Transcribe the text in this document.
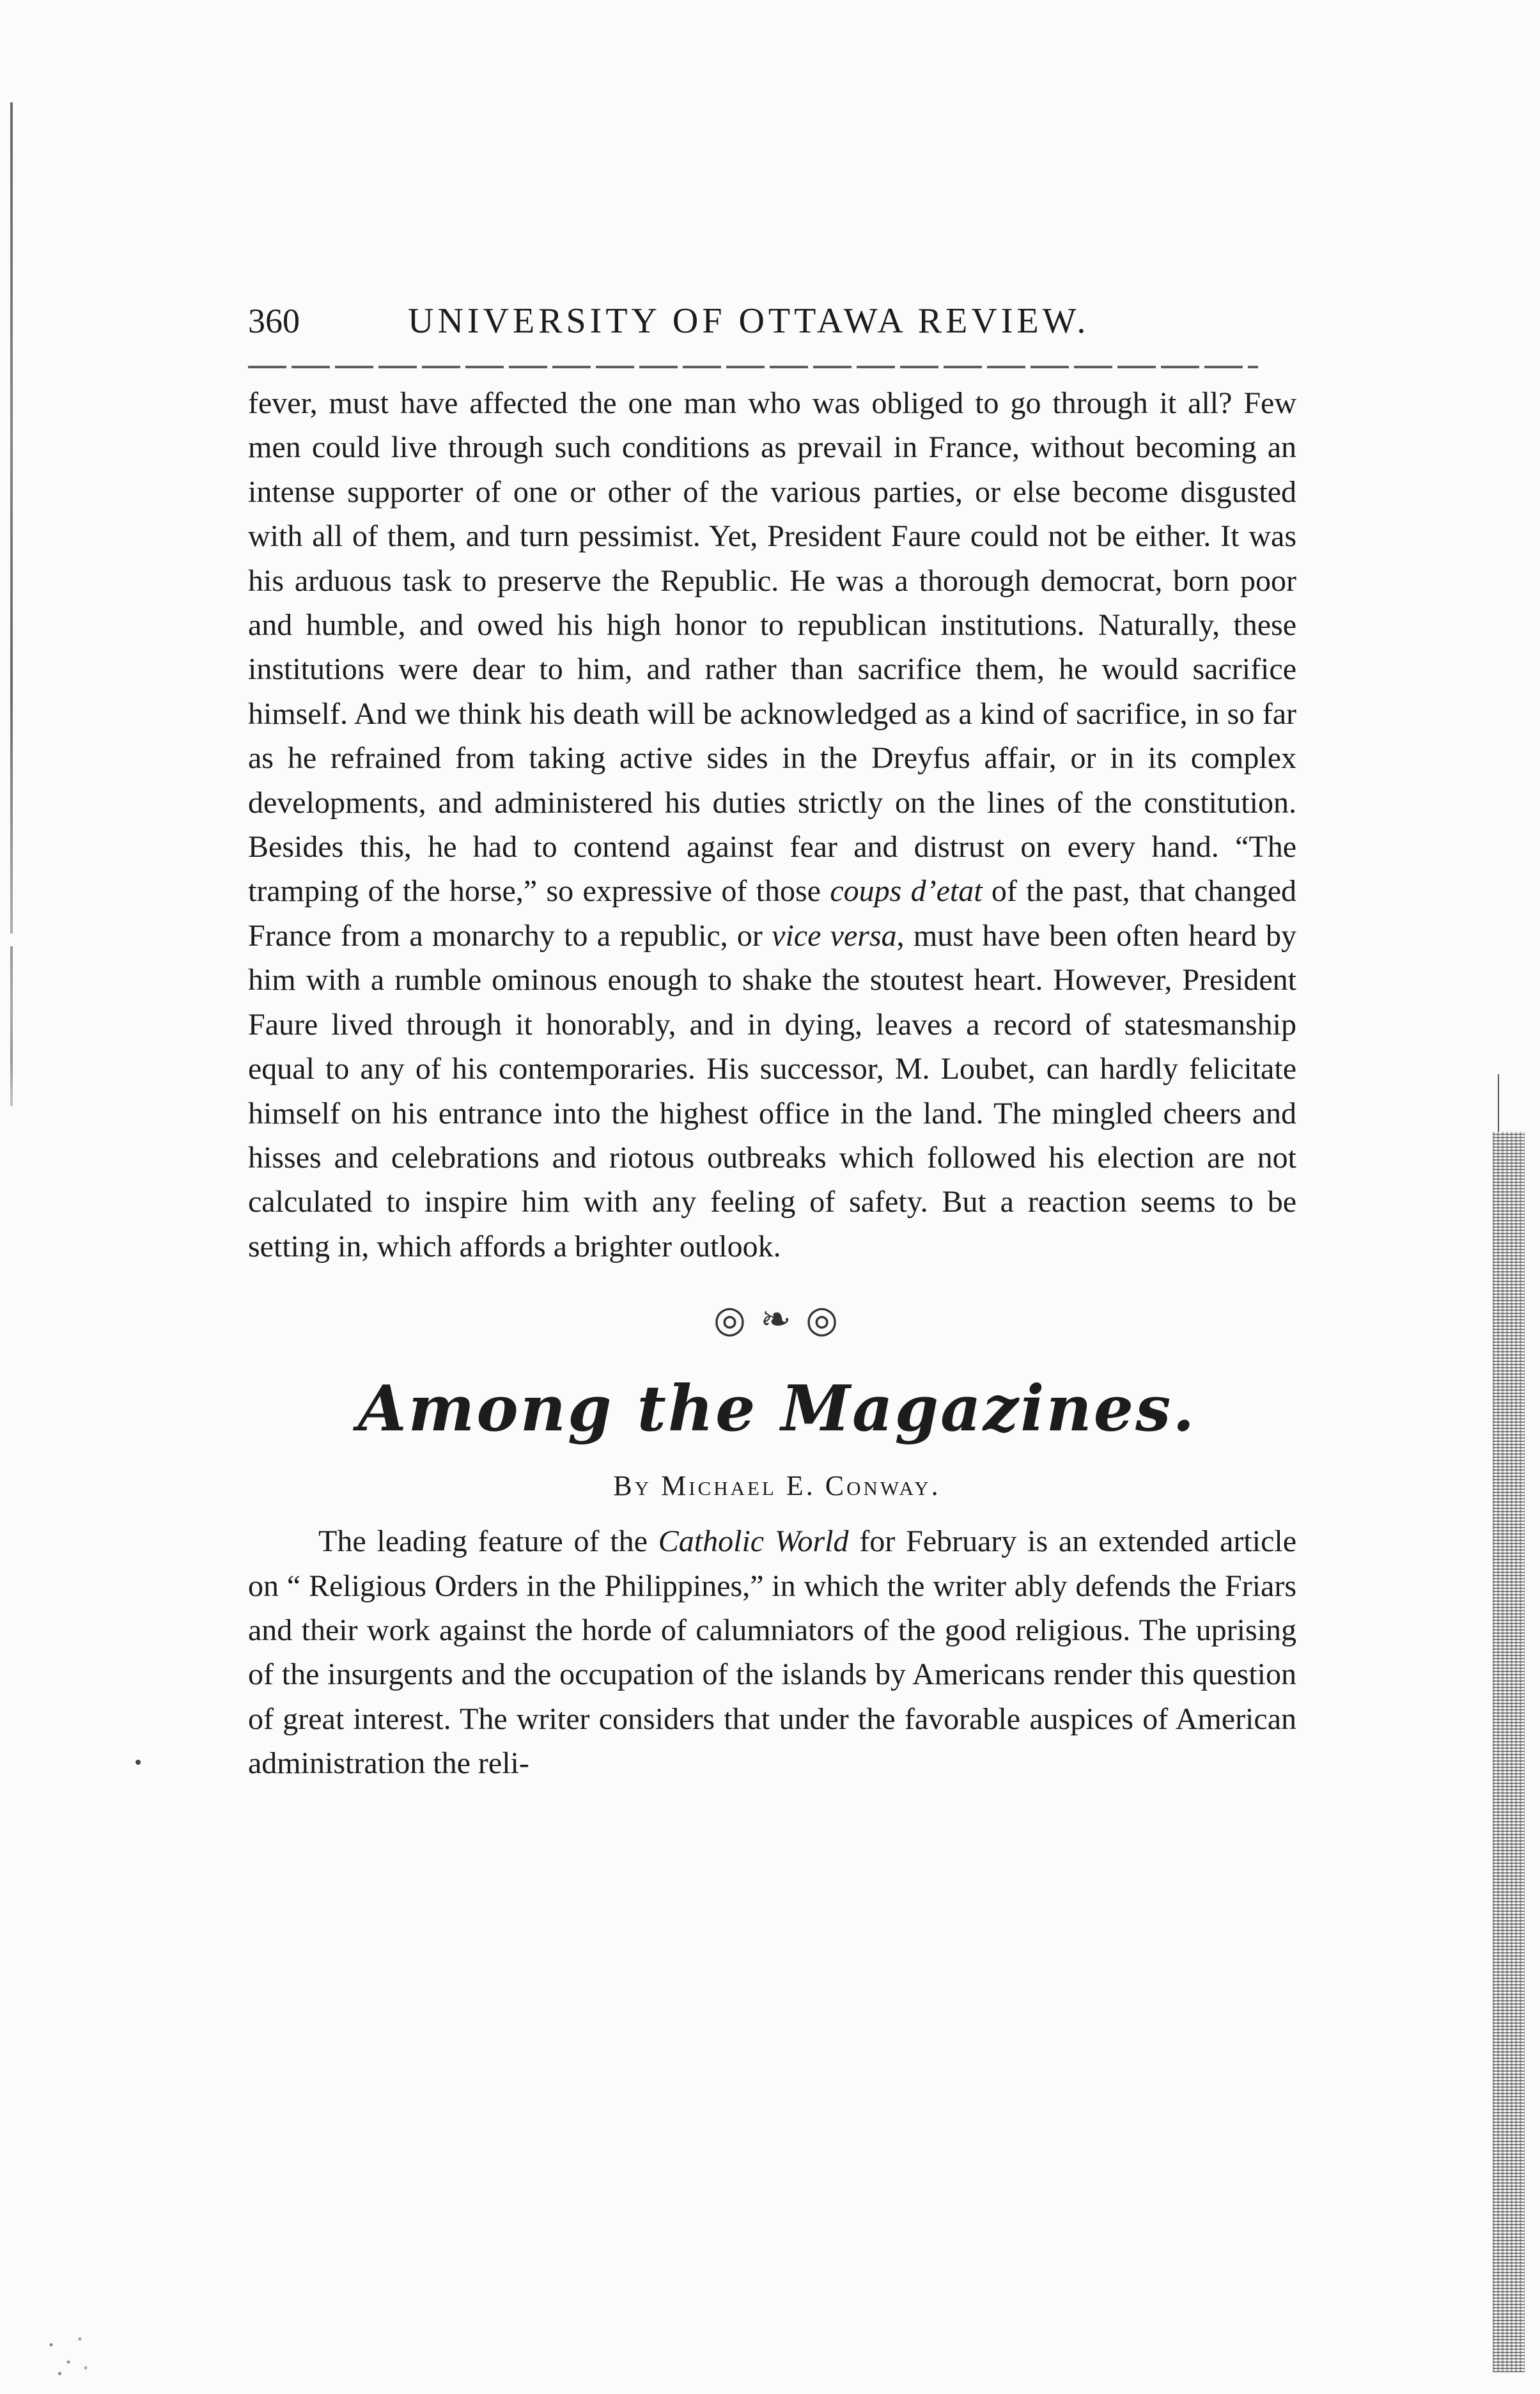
360	UNIVERSITY OF OTTAWA REVIEW.

fever, must have affected the one man who was obliged to go through it all? Few men could live through such conditions as prevail in France, without becoming an intense supporter of one or other of the various parties, or else become disgusted with all of them, and turn pessimist. Yet, President Faure could not be either. It was his arduous task to preserve the Republic. He was a thorough democrat, born poor and humble, and owed his high honor to republican institutions. Naturally, these institutions were dear to him, and rather than sacrifice them, he would sacrifice himself. And we think his death will be acknowledged as a kind of sacrifice, in so far as he refrained from taking active sides in the Dreyfus affair, or in its complex developments, and administered his duties strictly on the lines of the constitution. Besides this, he had to contend against fear and distrust on every hand. “The tramping of the horse,” so expressive of those coups d’etat of the past, that changed France from a monarchy to a republic, or vice versa, must have been often heard by him with a rumble ominous enough to shake the stoutest heart. However, President Faure lived through it honorably, and in dying, leaves a record of statesmanship equal to any of his contemporaries. His successor, M. Loubet, can hardly felicitate himself on his entrance into the highest office in the land. The mingled cheers and hisses and celebrations and riotous outbreaks which followed his election are not calculated to inspire him with any feeling of safety. But a reaction seems to be setting in, which affords a brighter outlook.

◎ ❧ ◎
Among the Magazines.
By Michael E. Conway.

The leading feature of the Catholic World for February is an extended article on “ Religious Orders in the Philippines,” in which the writer ably defends the Friars and their work against the horde of calumniators of the good religious. The uprising of the insurgents and the occupation of the islands by Americans render this question of great interest. The writer considers that under the favorable auspices of American administration the reli-
